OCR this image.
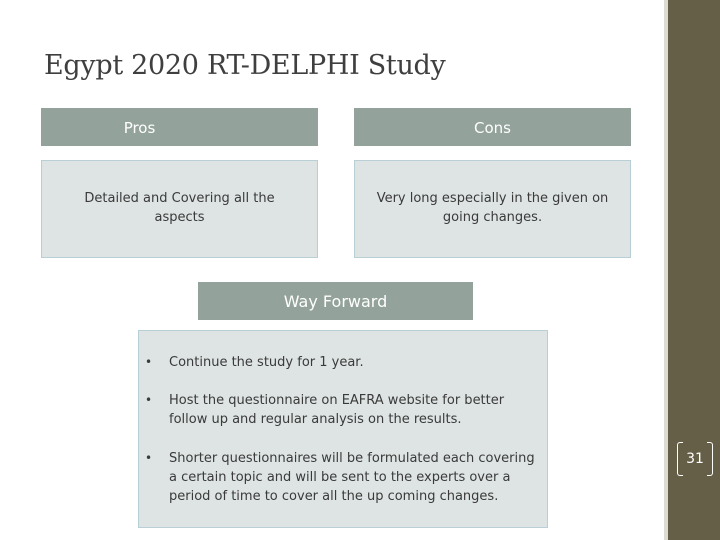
Egypt 2020 RT-DELPHI Study
Pros	Cons
Detailed and Covering all the aspects
Very long especially in the given on going changes.
Way Forward
• Continue the study for 1 year.
• Host the questionnaire on EAFRA website for better follow up and regular analysis on the results.
• Shorter questionnaires will be formulated each covering a certain topic and will be sent to the experts over a period of time to cover all the up coming changes.
31
